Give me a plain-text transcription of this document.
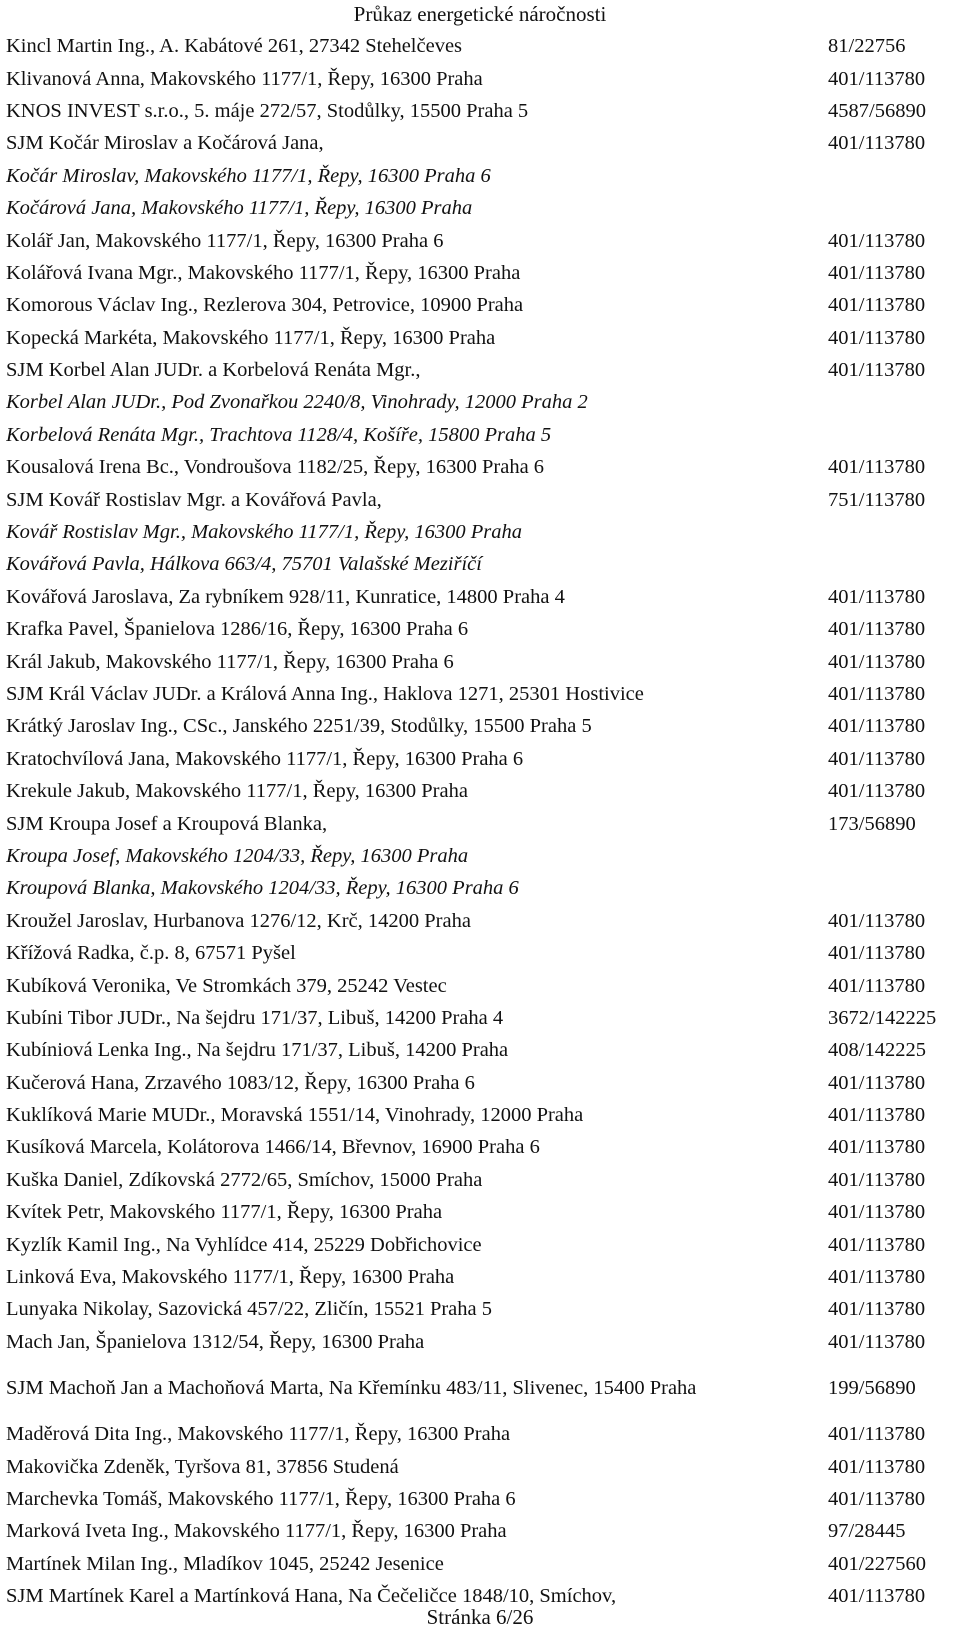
Průkaz energetické náročnosti
Kincl Martin Ing., A. Kabátové 261, 27342 Stehelčeves	81/22756
Klivanová Anna, Makovského 1177/1, Řepy, 16300 Praha	401/113780
KNOS INVEST s.r.o., 5. máje 272/57, Stodůlky, 15500 Praha 5	4587/56890
SJM Kočár Miroslav a Kočárová Jana,	401/113780
Kočár Miroslav, Makovského 1177/1, Řepy, 16300 Praha 6
Kočárová Jana, Makovského 1177/1, Řepy, 16300 Praha
Kolář Jan, Makovského 1177/1, Řepy, 16300 Praha 6	401/113780
Kolářová Ivana Mgr., Makovského 1177/1, Řepy, 16300 Praha	401/113780
Komorous Václav Ing., Rezlerova 304, Petrovice, 10900 Praha	401/113780
Kopecká Markéta, Makovského 1177/1, Řepy, 16300 Praha	401/113780
SJM Korbel Alan JUDr. a Korbelová Renáta Mgr.,	401/113780
Korbel Alan JUDr., Pod Zvonařkou 2240/8, Vinohrady, 12000 Praha 2
Korbelová Renáta Mgr., Trachtova 1128/4, Košíře, 15800 Praha 5
Kousalová Irena Bc., Vondroušova 1182/25, Řepy, 16300 Praha 6	401/113780
SJM Kovář Rostislav Mgr. a Kovářová Pavla,	751/113780
Kovář Rostislav Mgr., Makovského 1177/1, Řepy, 16300 Praha
Kovářová Pavla, Hálkova 663/4, 75701 Valašské Meziříčí
Kovářová Jaroslava, Za rybníkem 928/11, Kunratice, 14800 Praha 4	401/113780
Krafka Pavel, Španielova 1286/16, Řepy, 16300 Praha 6	401/113780
Král Jakub, Makovského 1177/1, Řepy, 16300 Praha 6	401/113780
SJM Král Václav JUDr. a Králová Anna Ing., Haklova 1271, 25301 Hostivice	401/113780
Krátký Jaroslav Ing., CSc., Janského 2251/39, Stodůlky, 15500 Praha 5	401/113780
Kratochvílová Jana, Makovského 1177/1, Řepy, 16300 Praha 6	401/113780
Krekule Jakub, Makovského 1177/1, Řepy, 16300 Praha	401/113780
SJM Kroupa Josef a Kroupová Blanka,	173/56890
Kroupa Josef, Makovského 1204/33, Řepy, 16300 Praha
Kroupová Blanka, Makovského 1204/33, Řepy, 16300 Praha 6
Kroužel Jaroslav, Hurbanova 1276/12, Krč, 14200 Praha	401/113780
Křížová Radka, č.p. 8, 67571 Pyšel	401/113780
Kubíková Veronika, Ve Stromkách 379, 25242 Vestec	401/113780
Kubíni Tibor JUDr., Na šejdru 171/37, Libuš, 14200 Praha 4	3672/142225
Kubíniová Lenka Ing., Na šejdru 171/37, Libuš, 14200 Praha	408/142225
Kučerová Hana, Zrzavého 1083/12, Řepy, 16300 Praha 6	401/113780
Kuklíková Marie MUDr., Moravská 1551/14, Vinohrady, 12000 Praha	401/113780
Kusíková Marcela, Kolátorova 1466/14, Břevnov, 16900 Praha 6	401/113780
Kuška Daniel, Zdíkovská 2772/65, Smíchov, 15000 Praha	401/113780
Kvítek Petr, Makovského 1177/1, Řepy, 16300 Praha	401/113780
Kyzlík Kamil Ing., Na Vyhlídce 414, 25229 Dobřichovice	401/113780
Linková Eva, Makovského 1177/1, Řepy, 16300 Praha	401/113780
Lunyaka Nikolay, Sazovická 457/22, Zličín, 15521 Praha 5	401/113780
Mach Jan, Španielova 1312/54, Řepy, 16300 Praha	401/113780
SJM Machoň Jan a Machoňová Marta, Na Křemínku 483/11, Slivenec, 15400 Praha	199/56890
Maděrová Dita Ing., Makovského 1177/1, Řepy, 16300 Praha	401/113780
Makovička Zdeněk, Tyršova 81, 37856 Studená	401/113780
Marchevka Tomáš, Makovského 1177/1, Řepy, 16300 Praha 6	401/113780
Marková Iveta Ing., Makovského 1177/1, Řepy, 16300 Praha	97/28445
Martínek Milan Ing., Mladíkov 1045, 25242 Jesenice	401/227560
SJM Martínek Karel a Martínková Hana, Na Čečeličce 1848/10, Smíchov,	401/113780
Stránka 6/26
